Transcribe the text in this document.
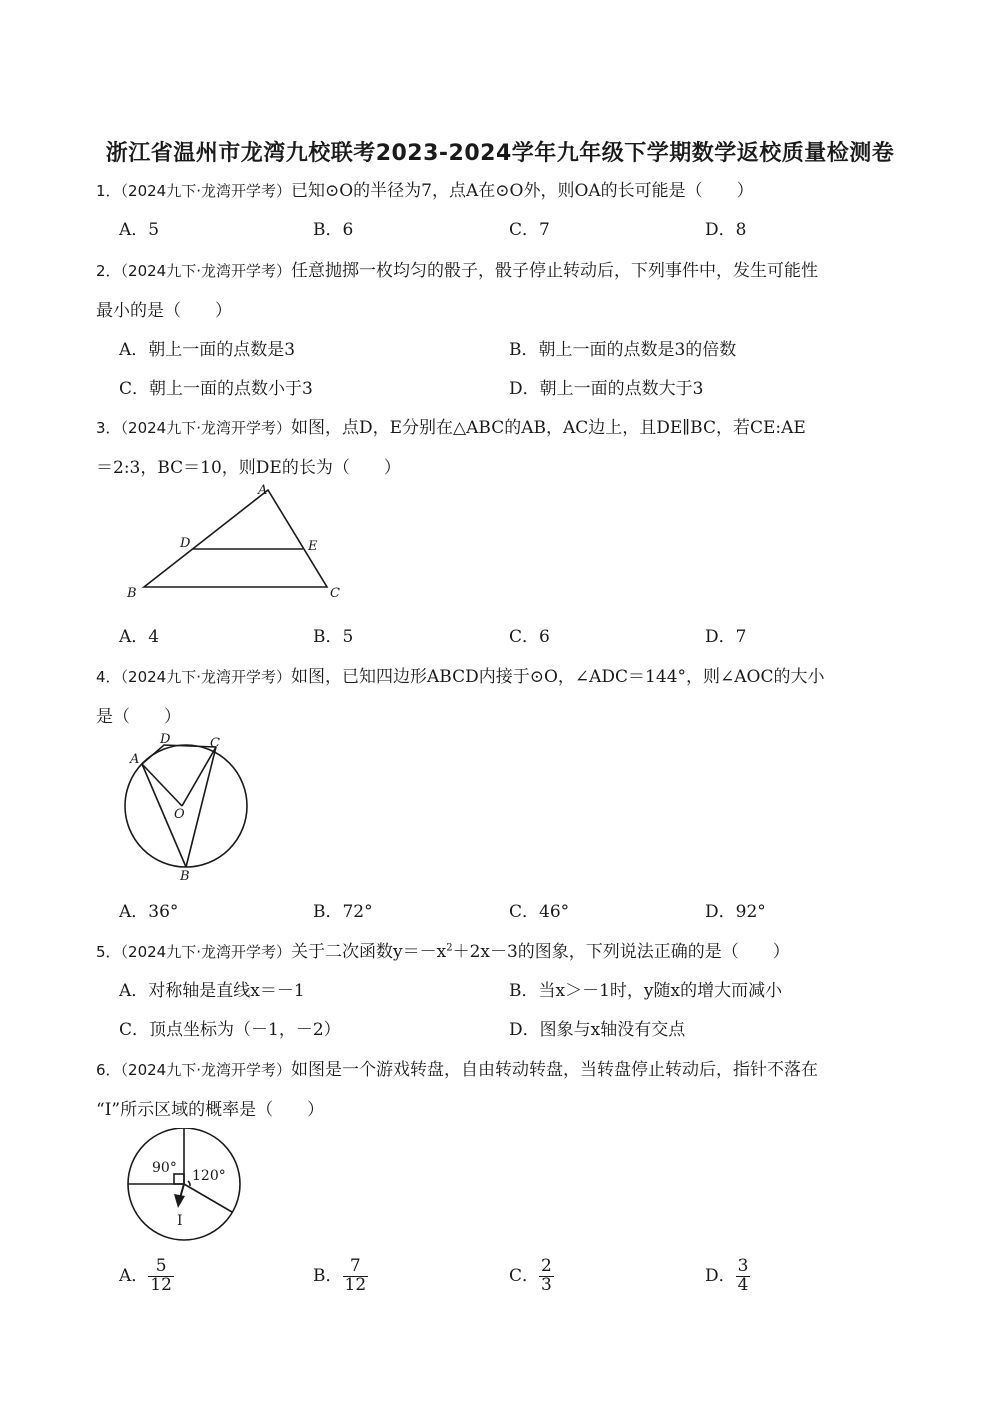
浙江省温州市龙湾九校联考2023-2024学年九年级下学期数学返校质量检测卷
1．（2024九下·龙湾开学考）已知⊙O的半径为7，点A在⊙O外，则OA的长可能是（　　）
A．5	B．6	C．7	D．8
2．（2024九下·龙湾开学考）任意抛掷一枚均匀的骰子，骰子停止转动后，下列事件中，发生可能性
最小的是（　　）
A．朝上一面的点数是3	B．朝上一面的点数是3的倍数
C．朝上一面的点数小于3	D．朝上一面的点数大于3
3．（2024九下·龙湾开学考）如图，点D，E分别在△ABC的AB，AC边上，且DE∥BC，若CE:AE
＝2:3，BC＝10，则DE的长为（　　）
A
D	E
B	C
A．4	B．5	C．6	D．7
4．（2024九下·龙湾开学考）如图，已知四边形ABCD内接于⊙O，∠ADC＝144°，则∠AOC的大小
是（　　）
A
D	C
O
B
A．36°	B．72°	C．46°	D．92°
5．（2024九下·龙湾开学考）关于二次函数$y=-x^2+2x-3$的图象，下列说法正确的是（　　）
A．对称轴是直线x＝－1	B．当x＞－1时，y随x的增大而减小
C．顶点坐标为（－1，－2）	D．图象与x轴没有交点
6．（2024九下·龙湾开学考）如图是一个游戏转盘，自由转动转盘，当转盘停止转动后，指针不落在
“I”所示区域的概率是（　　）
90° 120°
I
A． $\frac{5}{12}$	B． $\frac{7}{12}$	C． $\frac{2}{3}$	D． $\frac{3}{4}$
